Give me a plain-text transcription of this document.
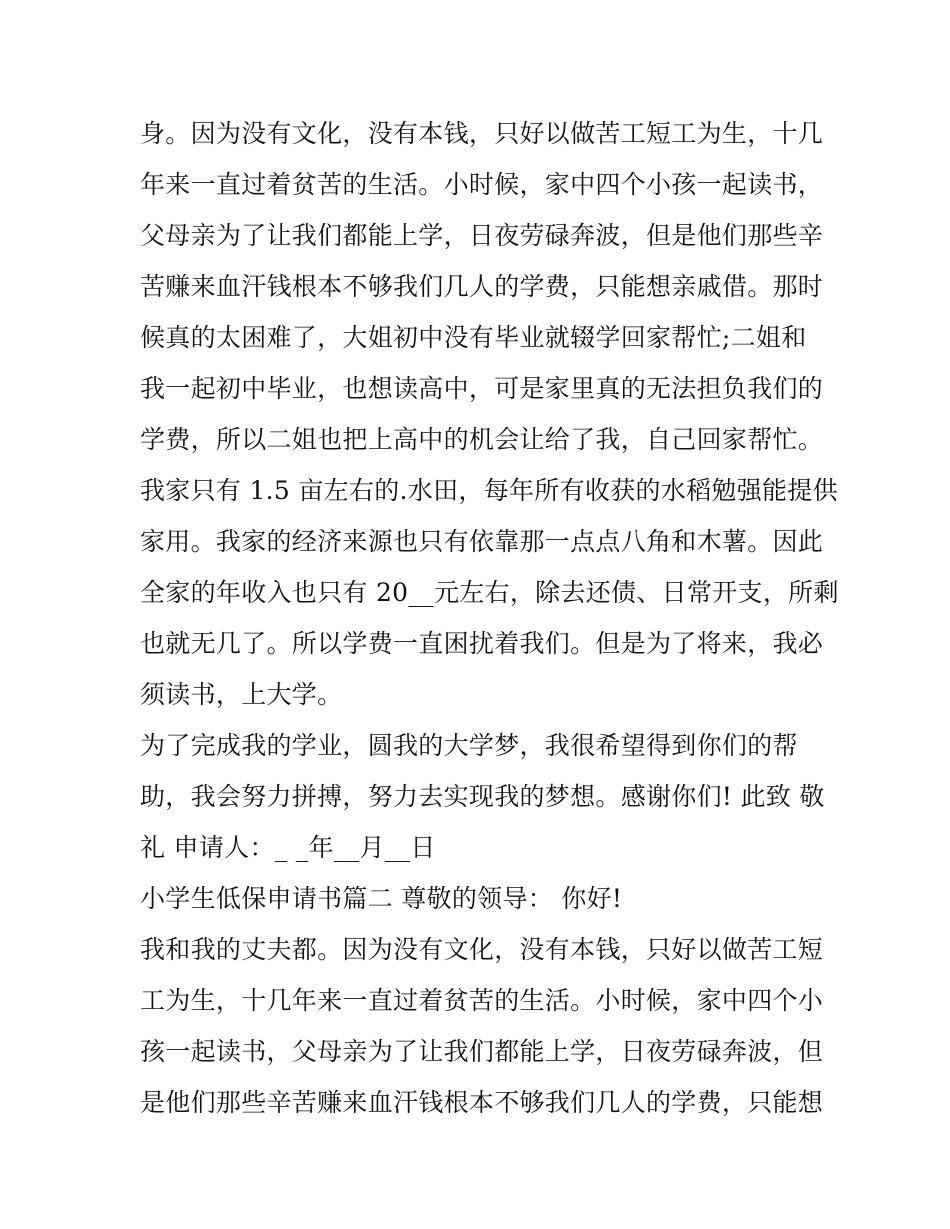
身。因为没有文化，没有本钱，只好以做苦工短工为生，十几
年来一直过着贫苦的生活。小时候，家中四个小孩一起读书，
父母亲为了让我们都能上学，日夜劳碌奔波，但是他们那些辛
苦赚来血汗钱根本不够我们几人的学费，只能想亲戚借。那时
候真的太困难了，大姐初中没有毕业就辍学回家帮忙;二姐和
我一起初中毕业，也想读高中，可是家里真的无法担负我们的
学费，所以二姐也把上高中的机会让给了我，自己回家帮忙。
我家只有 1.5 亩左右的.水田，每年所有收获的水稻勉强能提供
家用。我家的经济来源也只有依靠那一点点八角和木薯。因此
全家的年收入也只有 20__元左右，除去还债、日常开支，所剩
也就无几了。所以学费一直困扰着我们。但是为了将来，我必
须读书，上大学。
为了完成我的学业，圆我的大学梦，我很希望得到你们的帮
助，我会努力拼搏，努力去实现我的梦想。感谢你们! 此致 敬
礼 申请人：_ _年__月__日
小学生低保申请书篇二 尊敬的领导： 你好!
我和我的丈夫都。因为没有文化，没有本钱，只好以做苦工短
工为生，十几年来一直过着贫苦的生活。小时候，家中四个小
孩一起读书，父母亲为了让我们都能上学，日夜劳碌奔波，但
是他们那些辛苦赚来血汗钱根本不够我们几人的学费，只能想
